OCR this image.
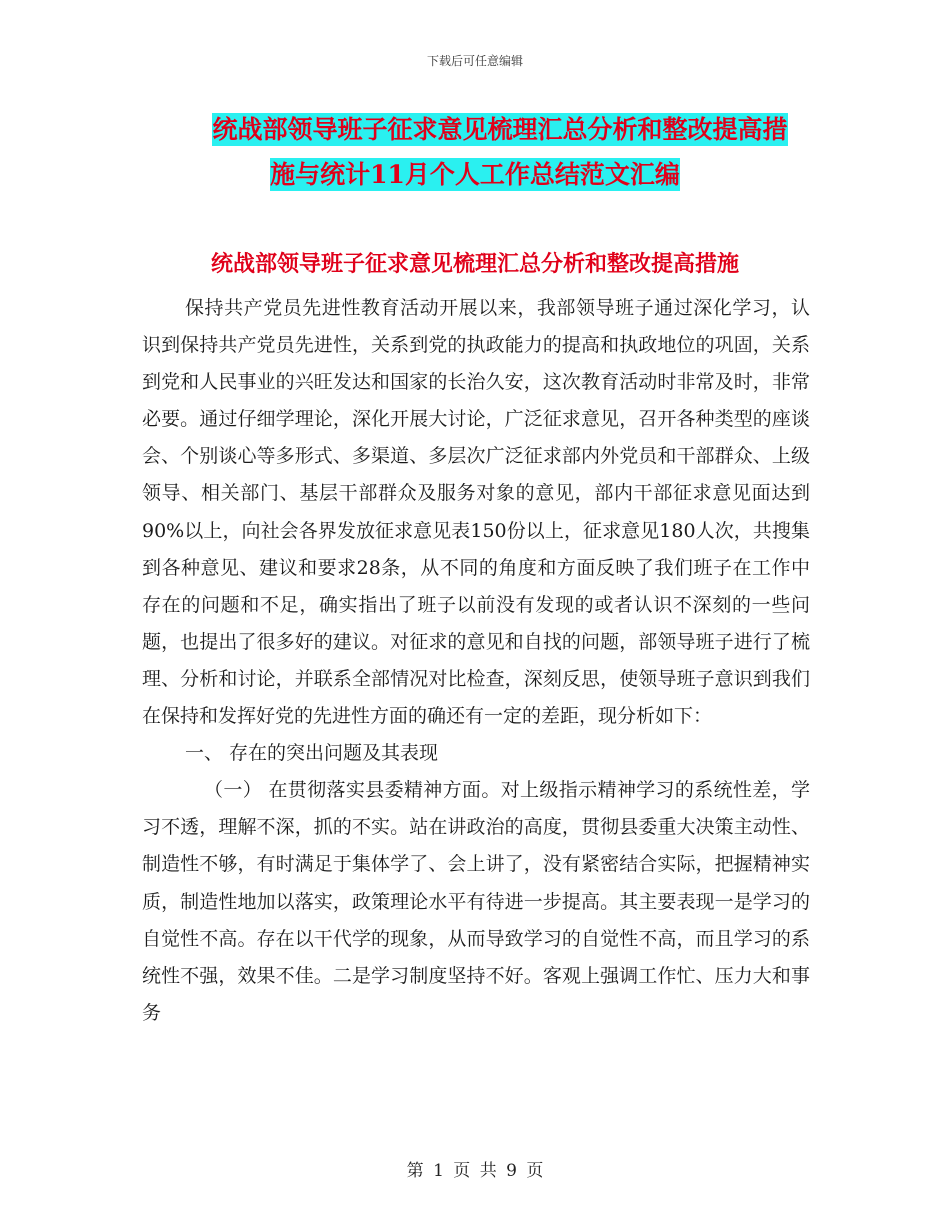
下载后可任意编辑
统战部领导班子征求意见梳理汇总分析和整改提高措
施与统计11月个人工作总结范文汇编
统战部领导班子征求意见梳理汇总分析和整改提高措施

保持共产党员先进性教育活动开展以来，我部领导班子通过深化学习，认识到保持共产党员先进性，关系到党的执政能力的提高和执政地位的巩固，关系到党和人民事业的兴旺发达和国家的长治久安，这次教育活动时非常及时，非常必要。通过仔细学理论，深化开展大讨论，广泛征求意见，召开各种类型的座谈会、个别谈心等多形式、多渠道、多层次广泛征求部内外党员和干部群众、上级领导、相关部门、基层干部群众及服务对象的意见，部内干部征求意见面达到90%以上，向社会各界发放征求意见表150份以上，征求意见180人次，共搜集到各种意见、建议和要求28条，从不同的角度和方面反映了我们班子在工作中存在的问题和不足，确实指出了班子以前没有发现的或者认识不深刻的一些问题，也提出了很多好的建议。对征求的意见和自找的问题，部领导班子进行了梳理、分析和讨论，并联系全部情况对比检查，深刻反思，使领导班子意识到我们在保持和发挥好党的先进性方面的确还有一定的差距，现分析如下：

一、 存在的突出问题及其表现

（一） 在贯彻落实县委精神方面。对上级指示精神学习的系统性差，学习不透，理解不深，抓的不实。站在讲政治的高度，贯彻县委重大决策主动性、制造性不够，有时满足于集体学了、会上讲了，没有紧密结合实际，把握精神实质，制造性地加以落实，政策理论水平有待进一步提高。其主要表现一是学习的自觉性不高。存在以干代学的现象，从而导致学习的自觉性不高，而且学习的系统性不强，效果不佳。二是学习制度坚持不好。客观上强调工作忙、压力大和事务

第 1 页 共 9 页
